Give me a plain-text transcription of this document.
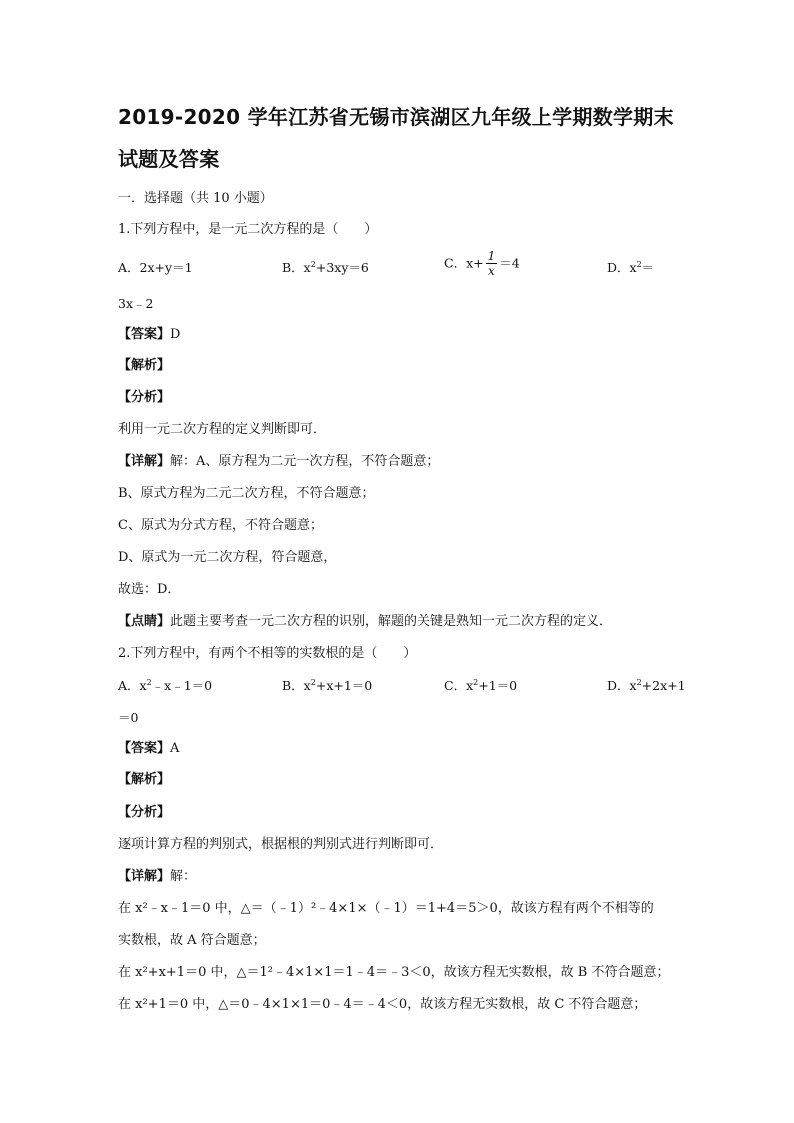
2019-2020 学年江苏省无锡市滨湖区九年级上学期数学期末
试题及答案
一．选择题（共 10 小题）
1.下列方程中，是一元二次方程的是（　　）
A．2x+y＝1	B．$x^2+3xy=6$	C．$x+ \frac{1}{x} =4$	D．$x^2=$
3x﹣2
【答案】D
【解析】
【分析】
利用一元二次方程的定义判断即可．
【详解】解：A、原方程为二元一次方程，不符合题意；
B、原式方程为二元二次方程，不符合题意；
C、原式为分式方程，不符合题意；
D、原式为一元二次方程，符合题意，
故选：D．
【点睛】此题主要考查一元二次方程的识别，解题的关键是熟知一元二次方程的定义．
2.下列方程中，有两个不相等的实数根的是（　　）
A．$x^2﹣x﹣1=0$	B．$x^2+x+1=0$	C．$x^2+1=0$	D．$x^2+2x+1$
＝0
【答案】A
【解析】
【分析】
逐项计算方程的判别式，根据根的判别式进行判断即可．
【详解】解：
在 x²﹣x﹣1＝0 中，△＝（﹣1）²﹣4×1×（﹣1）＝1+4＝5＞0，故该方程有两个不相等的
实数根，故 A 符合题意；
在 x²+x+1＝0 中，△＝1²﹣4×1×1＝1﹣4＝﹣3＜0，故该方程无实数根，故 B 不符合题意；
在 x²+1＝0 中，△＝0﹣4×1×1＝0﹣4＝﹣4＜0，故该方程无实数根，故 C 不符合题意；
